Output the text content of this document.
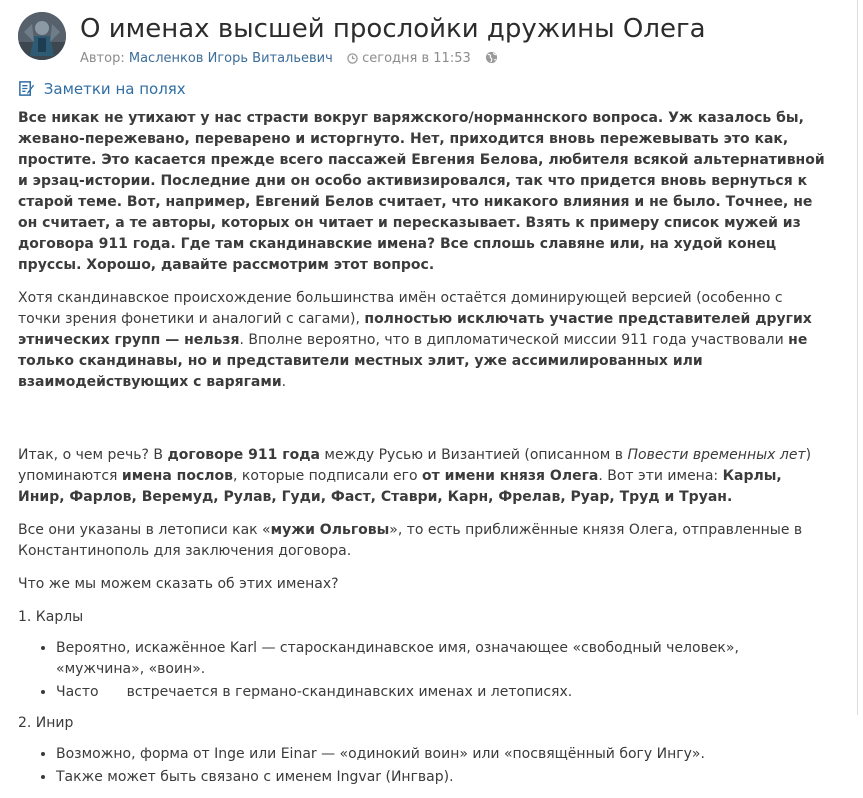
О именах высшей прослойки дружины Олега
Автор: Масленков Игорь Витальевич сегодня в 11:53
Заметки на полях

Все никак не утихают у нас страсти вокруг варяжского/норманнского вопроса. Уж казалось бы, жевано-пережевано, переварено и исторгнуто. Нет, приходится вновь пережевывать это как, простите. Это касается прежде всего пассажей Евгения Белова, любителя всякой альтернативной и эрзац-истории. Последние дни он особо активизировался, так что придется вновь вернуться к старой теме. Вот, например, Евгений Белов считает, что никакого влияния и не было. Точнее, не он считает, а те авторы, которых он читает и пересказывает. Взять к примеру список мужей из договора 911 года. Где там скандинавские имена? Все сплошь славяне или, на худой конец пруссы. Хорошо, давайте рассмотрим этот вопрос.

Хотя скандинавское происхождение большинства имён остаётся доминирующей версией (особенно с точки зрения фонетики и аналогий с сагами), полностью исключать участие представителей других этнических групп — нельзя. Вполне вероятно, что в дипломатической миссии 911 года участвовали не только скандинавы, но и представители местных элит, уже ассимилированных или взаимодействующих с варягами.

Итак, о чем речь? В договоре 911 года между Русью и Византией (описанном в Повести временных лет) упоминаются имена послов, которые подписали его от имени князя Олега. Вот эти имена: Карлы, Инир, Фарлов, Веремуд, Рулав, Гуди, Фаст, Ставри, Карн, Фрелав, Руар, Труд и Труан.

Все они указаны в летописи как «мужи Ольговы», то есть приближённые князя Олега, отправленные в Константинополь для заключения договора.

Что же мы можем сказать об этих именах?

1. Карлы

• Вероятно, искажённое Karl — староскандинавское имя, означающее «свободный человек», «мужчина», «воин».
• Часто встречается в германо-скандинавских именах и летописях.

2. Инир

• Возможно, форма от Inge или Einar — «одинокий воин» или «посвящённый богу Ингу».
• Также может быть связано с именем Ingvar (Ингвар).
